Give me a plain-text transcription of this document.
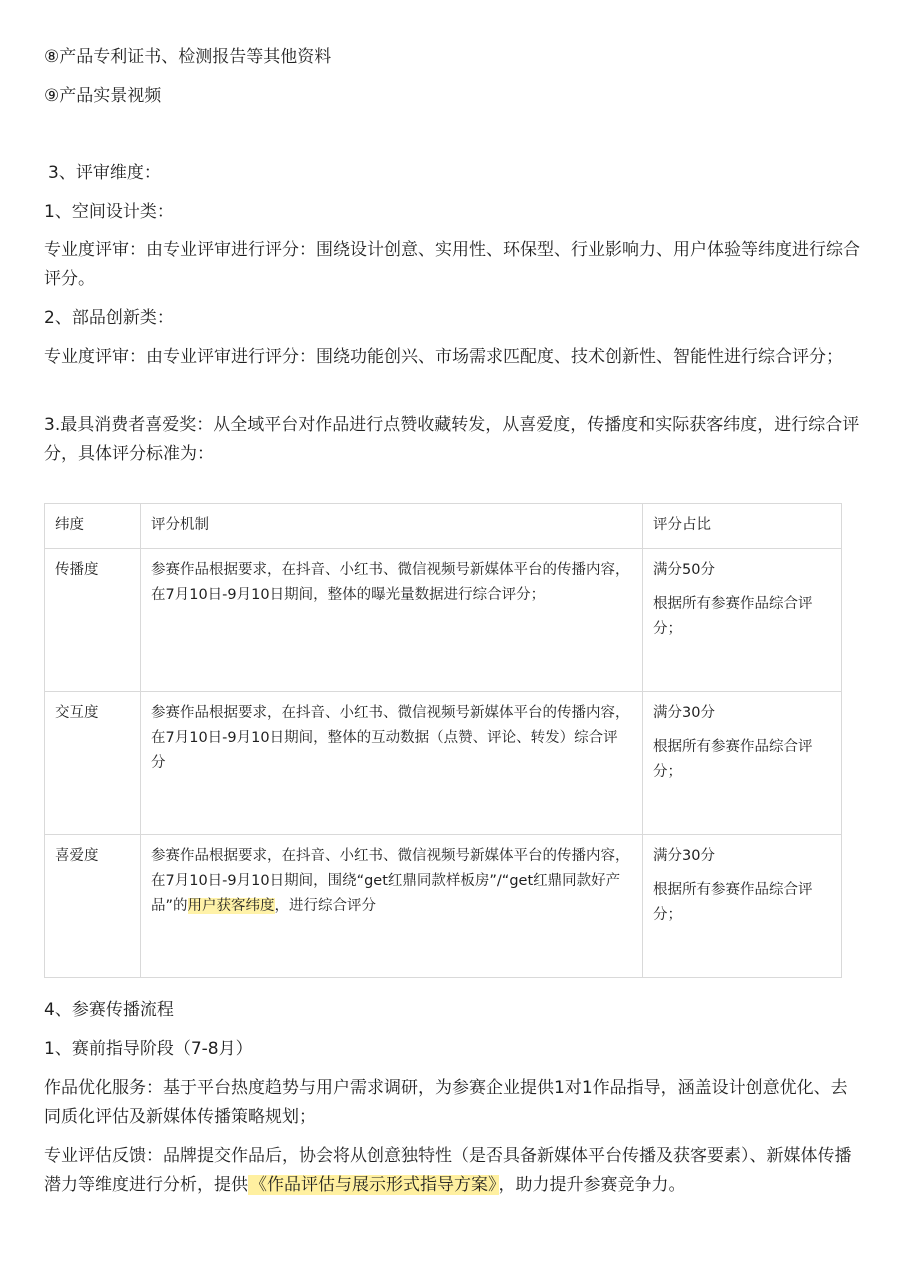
⑧产品专利证书、检测报告等其他资料

⑨产品实景视频

3、评审维度：

1、空间设计类：

专业度评审：由专业评审进行评分：围绕设计创意、实用性、环保型、行业影响力、用户体验等纬度进行综合评分。

2、部品创新类：

专业度评审：由专业评审进行评分：围绕功能创兴、市场需求匹配度、技术创新性、智能性进行综合评分；

3.最具消费者喜爱奖：从全域平台对作品进行点赞收藏转发，从喜爱度，传播度和实际获客纬度，进行综合评分，具体评分标准为：

纬度	评分机制	评分占比
传播度	参赛作品根据要求，在抖音、小红书、微信视频号新媒体平台的传播内容，在7月10日-9月10日期间，整体的曝光量数据进行综合评分；	满分50分
根据所有参赛作品综合评分；
交互度	参赛作品根据要求，在抖音、小红书、微信视频号新媒体平台的传播内容，在7月10日-9月10日期间，整体的互动数据（点赞、评论、转发）综合评分	满分30分
根据所有参赛作品综合评分；
喜爱度	参赛作品根据要求，在抖音、小红书、微信视频号新媒体平台的传播内容，在7月10日-9月10日期间，围绕“get红鼎同款样板房”/“get红鼎同款好产品”的用户获客纬度，进行综合评分	满分30分
根据所有参赛作品综合评分；

4、参赛传播流程

1、赛前指导阶段（7-8月）

作品优化服务：基于平台热度趋势与用户需求调研，为参赛企业提供1对1作品指导，涵盖设计创意优化、去同质化评估及新媒体传播策略规划；

专业评估反馈：品牌提交作品后，协会将从创意独特性（是否具备新媒体平台传播及获客要素）、新媒体传播潜力等维度进行分析，提供 《作品评估与展示形式指导方案》 ，助力提升参赛竞争力。
